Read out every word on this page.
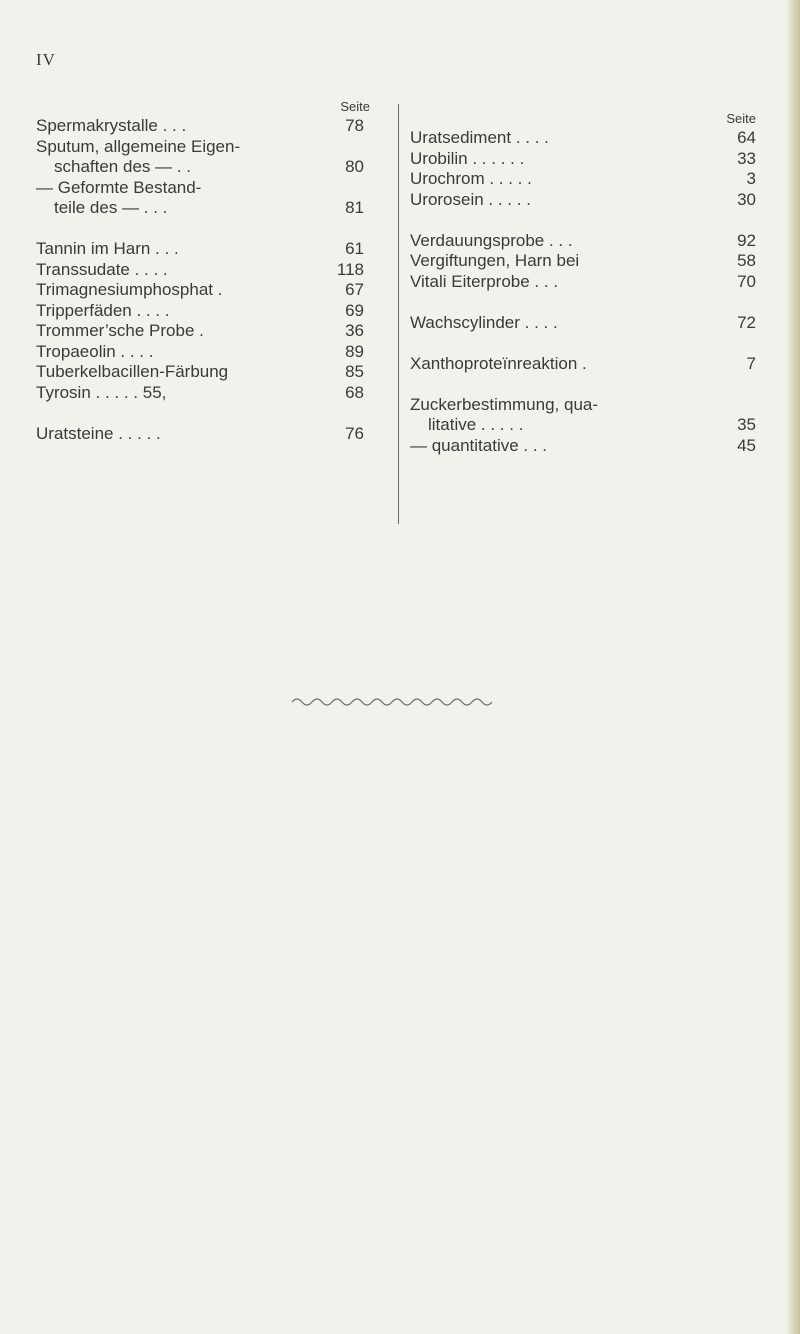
IV
Seite
Spermakrystalle . . .	78
Sputum, allgemeine Eigen-
schaften des — . .	80
— Geformte Bestand-
teile des — . . .	81
Tannin im Harn . . .	61
Transsudate . . . .	118
Trimagnesiumphosphat .	67
Tripperfäden . . . .	69
Trommer’sche Probe .	36
Tropaeolin . . . .	89
Tuberkelbacillen-Färbung	85
Tyrosin . . . . . 55,	68
Uratsteine . . . . .	76
Seite
Uratsediment . . . .	64
Urobilin . . . . . .	33
Urochrom . . . . .	3
Urorosein . . . . .	30
Verdauungsprobe . . .	92
Vergiftungen, Harn bei	58
Vitali Eiterprobe . . .	70
Wachscylinder . . . .	72
Xanthoproteïnreaktion .	7
Zuckerbestimmung, qua-
litative . . . . .	35
— quantitative . . .	45
